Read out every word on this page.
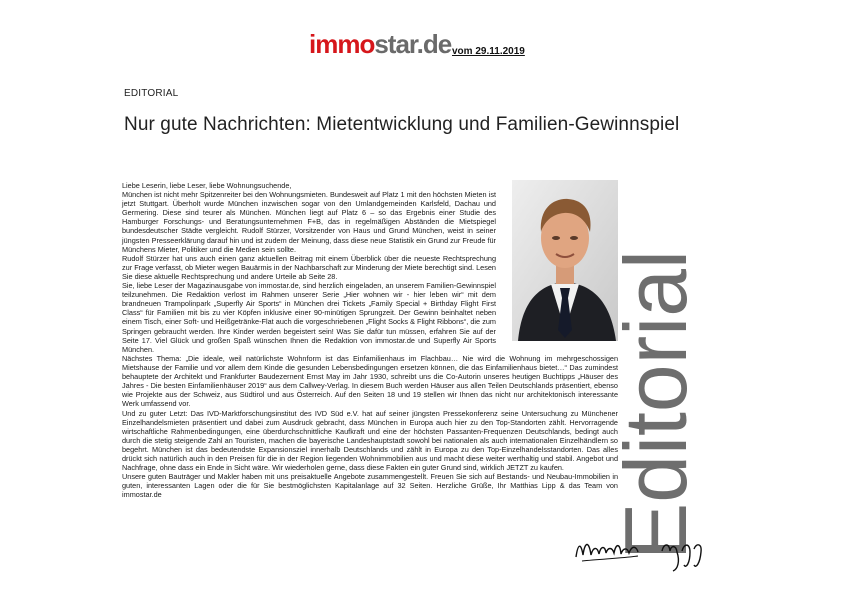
immostar.de vom 29.11.2019
EDITORIAL
Nur gute Nachrichten: Mietentwicklung und Familien-Gewinnspiel

Liebe Leserin, liebe Leser, liebe Wohnungsuchende,

München ist nicht mehr Spitzenreiter bei den Wohnungsmieten. Bundesweit auf Platz 1 mit den höchsten Mieten ist jetzt Stuttgart. Überholt wurde München inzwischen sogar von den Umlandgemeinden Karlsfeld, Dachau und Germering. Diese sind teurer als München. München liegt auf Platz 6 – so das Ergebnis einer Studie des Hamburger Forschungs- und Beratungsunternehmen F+B, das in regelmäßigen Abständen die Mietspiegel bundesdeutscher Städte vergleicht. Rudolf Stürzer, Vorsitzender von Haus und Grund München, weist in seiner jüngsten Presseerklärung darauf hin und ist zudem der Meinung, dass diese neue Statistik ein Grund zur Freude für Münchens Mieter, Politiker und die Medien sein sollte.

Rudolf Stürzer hat uns auch einen ganz aktuellen Beitrag mit einem Überblick über die neueste Rechtsprechung zur Frage verfasst, ob Mieter wegen Bauärmis in der Nachbarschaft zur Minderung der Miete berechtigt sind. Lesen Sie diese aktuelle Rechtsprechung und andere Urteile ab Seite 28.

Sie, liebe Leser der Magazinausgabe von immostar.de, sind herzlich eingeladen, an unserem Familien-Gewinnspiel teilzunehmen. Die Redaktion verlost im Rahmen unserer Serie „Hier wohnen wir - hier leben wir“ mit dem brandneuen Trampolinpark „Superfly Air Sports“ in München drei Tickets „Family Special + Birthday Flight First Class“ für Familien mit bis zu vier Köpfen inklusive einer 90-minütigen Sprungzeit. Der Gewinn beinhaltet neben einem Tisch, einer Soft- und Heißgetränke-Flat auch die vorgeschriebenen „Flight Socks & Flight Ribbons“, die zum Springen gebraucht werden. Ihre Kinder werden begeistert sein! Was Sie dafür tun müssen, erfahren Sie auf der Seite 17. Viel Glück und großen Spaß wünschen Ihnen die Redaktion von immostar.de und Superfly Air Sports München.

Nächstes Thema: „Die ideale, weil natürlichste Wohnform ist das Einfamilienhaus im Flachbau… Nie wird die Wohnung im mehrgeschossigen Mietshause der Familie und vor allem dem Kinde die gesunden Lebensbedingungen ersetzen können, die das Einfamilienhaus bietet…“ Das zumindest behauptete der Architekt und Frankfurter Baudezernent Ernst May im Jahr 1930, schreibt uns die Co-Autorin unseres heutigen Buchtipps „Häuser des Jahres - Die besten Einfamilienhäuser 2019“ aus dem Callwey-Verlag. In diesem Buch werden Häuser aus allen Teilen Deutschlands präsentiert, ebenso wie Projekte aus der Schweiz, aus Südtirol und aus Österreich. Auf den Seiten 18 und 19 stellen wir Ihnen das nicht nur architektonisch interessante Werk umfassend vor.

Und zu guter Letzt: Das IVD-Marktforschungsinstitut des IVD Süd e.V. hat auf seiner jüngsten Pressekonferenz seine Untersuchung zu Münchener Einzelhandelsmieten präsentiert und dabei zum Ausdruck gebracht, dass München in Europa auch hier zu den Top-Standorten zählt. Hervorragende wirtschaftliche Rahmenbedingungen, eine überdurchschnittliche Kaufkraft und eine der höchsten Passanten-Frequenzen Deutschlands, bedingt auch durch die stetig steigende Zahl an Touristen, machen die bayerische Landeshauptstadt sowohl bei nationalen als auch internationalen Einzelhändlern so begehrt. München ist das bedeutendste Expansionsziel innerhalb Deutschlands und zählt in Europa zu den Top-Einzelhandelsstandorten. Das alles drückt sich natürlich auch in den Preisen für die in der Region liegenden Wohnimmobilien aus und macht diese weiter werthaltig und stabil. Angebot und Nachfrage, ohne dass ein Ende in Sicht wäre. Wir wiederholen gerne, dass diese Fakten ein guter Grund sind, wirklich JETZT zu kaufen.

Unsere guten Bauträger und Makler haben mit uns preisaktuelle Angebote zusammengestellt. Freuen Sie sich auf Bestands- und Neubau-Immobilien in guten, interessanten Lagen oder die für Sie bestmöglichsten Kapitalanlage auf 32 Seiten. Herzliche Grüße, Ihr Matthias Lipp & das Team von immostar.de	Editorial
